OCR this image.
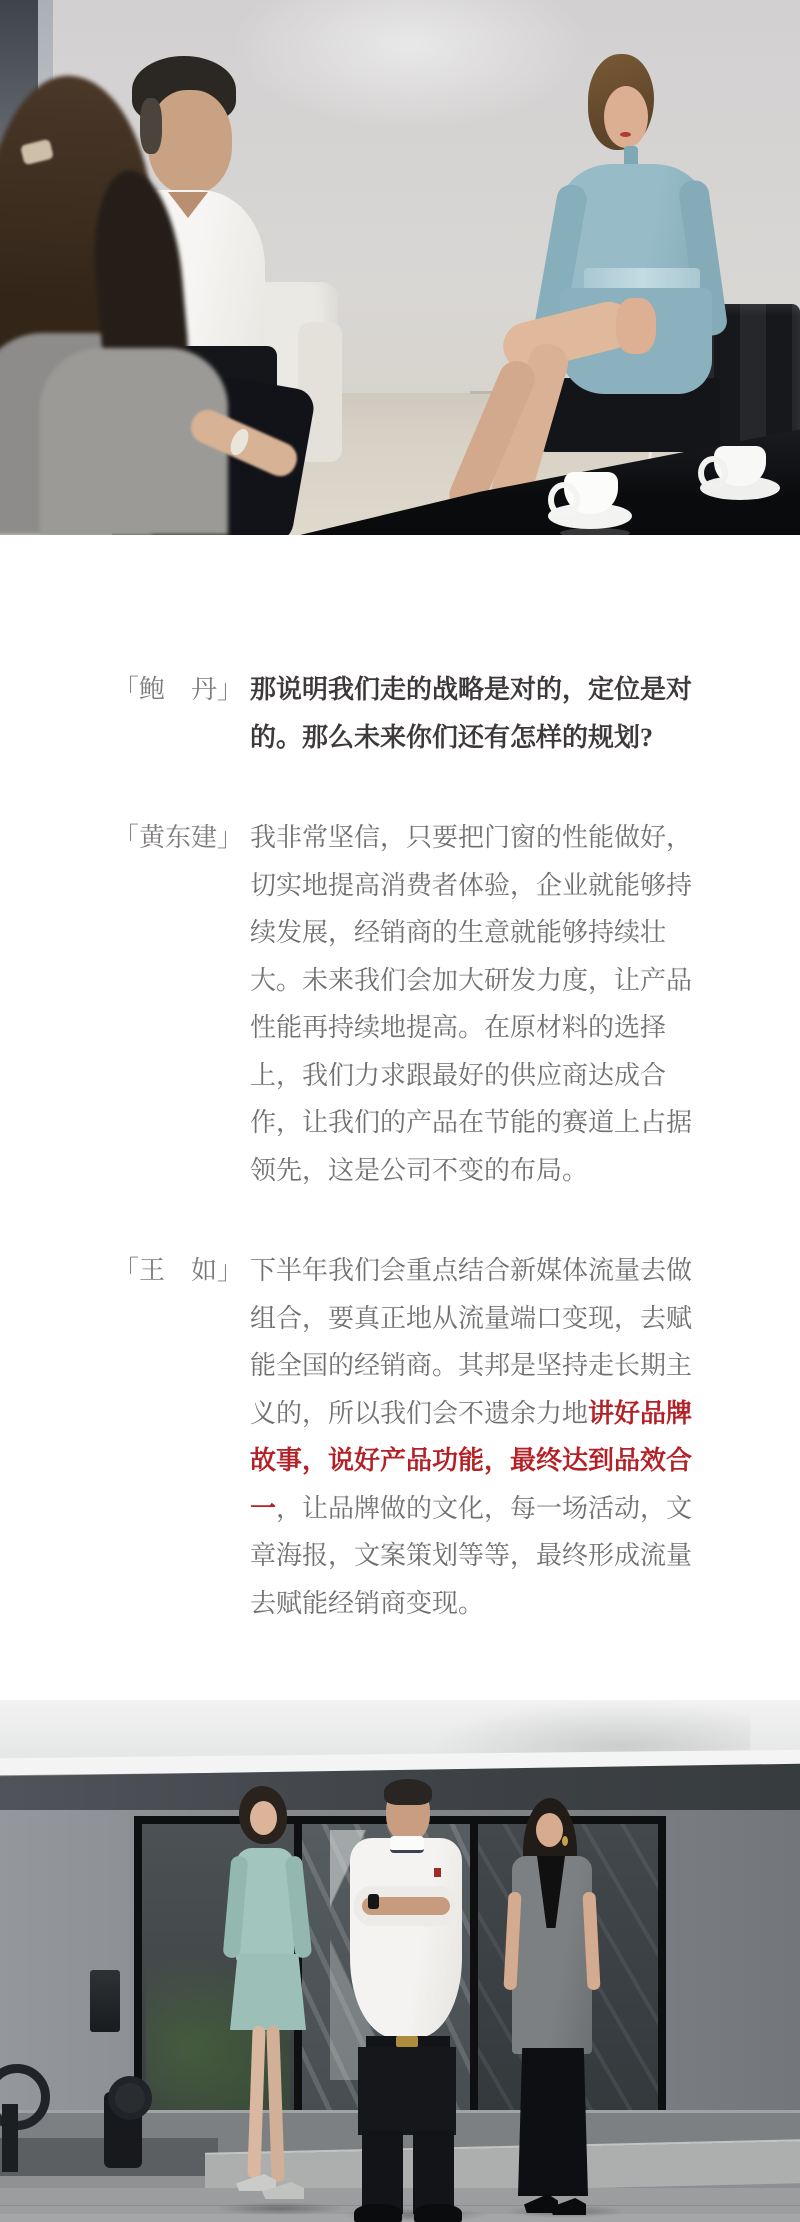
「鲍　丹」 那说明我们走的战略是对的，定位是对的。那么未来你们还有怎样的规划?

「黄东建」 我非常坚信，只要把门窗的性能做好，切实地提高消费者体验，企业就能够持续发展，经销商的生意就能够持续壮大。未来我们会加大研发力度，让产品性能再持续地提高。在原材料的选择上，我们力求跟最好的供应商达成合作，让我们的产品在节能的赛道上占据领先，这是公司不变的布局。

「王　如」 下半年我们会重点结合新媒体流量去做组合，要真正地从流量端口变现，去赋能全国的经销商。其邦是坚持走长期主义的，所以我们会不遗余力地讲好品牌故事，说好产品功能，最终达到品效合一，让品牌做的文化，每一场活动，文章海报，文案策划等等，最终形成流量去赋能经销商变现。
